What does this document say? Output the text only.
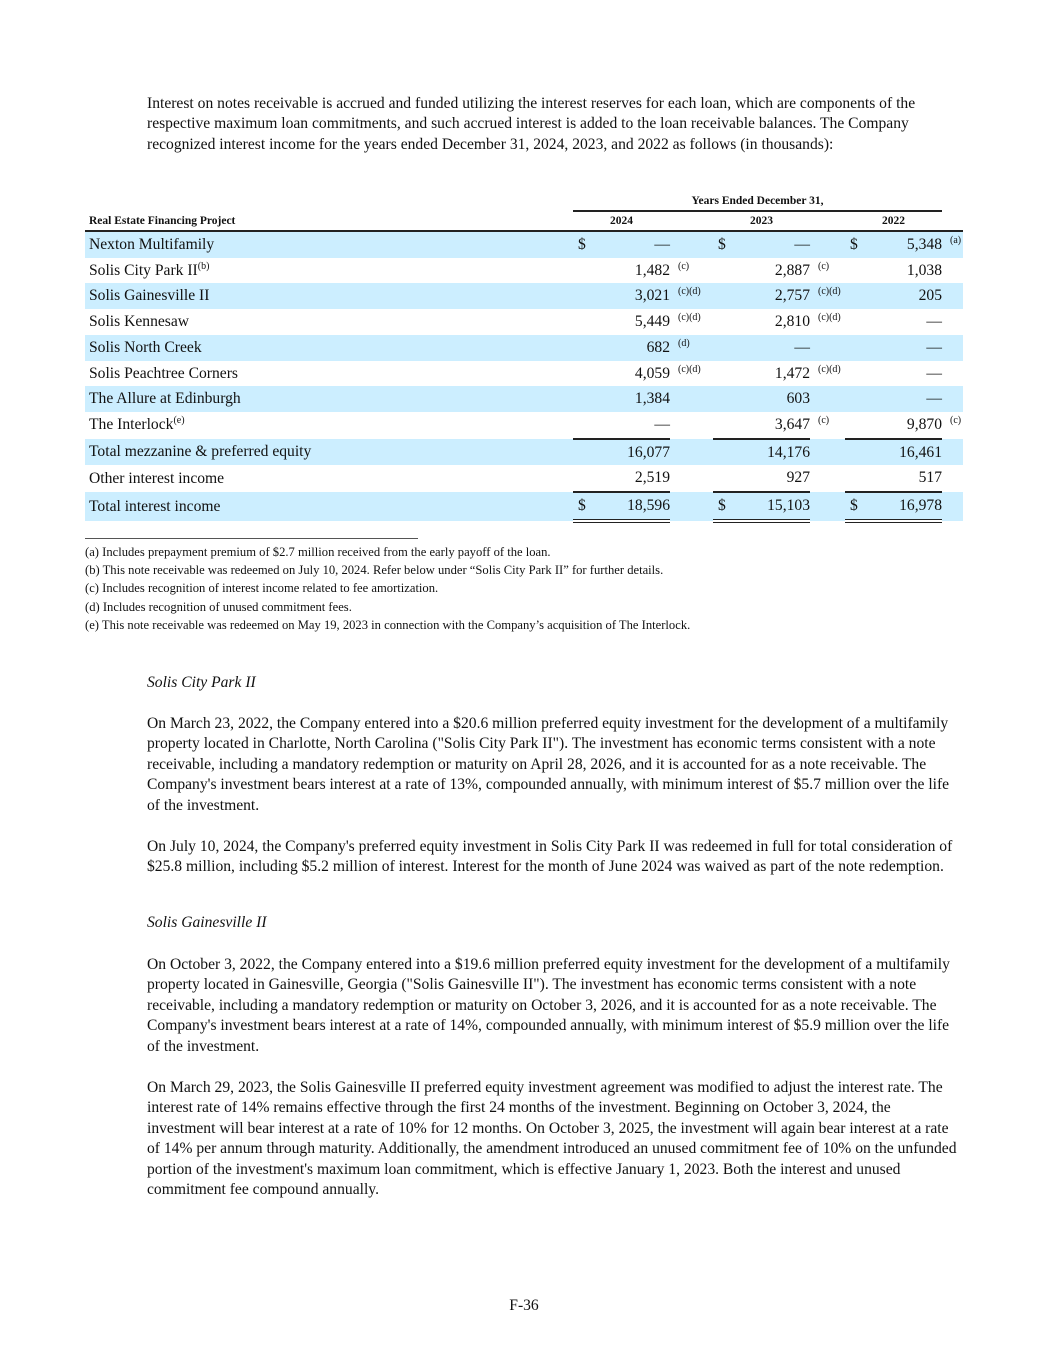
Interest on notes receivable is accrued and funded utilizing the interest reserves for each loan, which are components of the respective maximum loan commitments, and such accrued interest is added to the loan receivable balances. The Company recognized interest income for the years ended December 31, 2024, 2023, and 2022 as follows (in thousands):

	Years Ended December 31,					
Real Estate Financing Project	2024		2023		2022	
Nexton Multifamily	$ —		$ —		$ 5,348	(a)
Solis City Park II$^{(b)}$	1,482	(c)	2,887	(c)	1,038	
Solis Gainesville II	3,021	(c)(d)	2,757	(c)(d)	205	
Solis Kennesaw	5,449	(c)(d)	2,810	(c)(d)	—	
Solis North Creek	682	(d)	—		—	
Solis Peachtree Corners	4,059	(c)(d)	1,472	(c)(d)	—	
The Allure at Edinburgh	1,384		603		—	
The Interlock$^{(e)}$	—		3,647	(c)	9,870	(c)
Total mezzanine & preferred equity	16,077		14,176		16,461	
Other interest income	2,519		927		517	
Total interest income	$ 18,596		$ 15,103		$ 16,978	
(a) Includes prepayment premium of $2.7 million received from the early payoff of the loan.
(b) This note receivable was redeemed on July 10, 2024. Refer below under “Solis City Park II” for further details.
(c) Includes recognition of interest income related to fee amortization.
(d) Includes recognition of unused commitment fees.
(e) This note receivable was redeemed on May 19, 2023 in connection with the Company’s acquisition of The Interlock.

Solis City Park II

On March 23, 2022, the Company entered into a $20.6 million preferred equity investment for the development of a multifamily property located in Charlotte, North Carolina ("Solis City Park II"). The investment has economic terms consistent with a note receivable, including a mandatory redemption or maturity on April 28, 2026, and it is accounted for as a note receivable. The Company's investment bears interest at a rate of 13%, compounded annually, with minimum interest of $5.7 million over the life of the investment.

On July 10, 2024, the Company's preferred equity investment in Solis City Park II was redeemed in full for total consideration of $25.8 million, including $5.2 million of interest. Interest for the month of June 2024 was waived as part of the note redemption.

Solis Gainesville II

On October 3, 2022, the Company entered into a $19.6 million preferred equity investment for the development of a multifamily property located in Gainesville, Georgia ("Solis Gainesville II"). The investment has economic terms consistent with a note receivable, including a mandatory redemption or maturity on October 3, 2026, and it is accounted for as a note receivable. The Company's investment bears interest at a rate of 14%, compounded annually, with minimum interest of $5.9 million over the life of the investment.

On March 29, 2023, the Solis Gainesville II preferred equity investment agreement was modified to adjust the interest rate. The interest rate of 14% remains effective through the first 24 months of the investment. Beginning on October 3, 2024, the investment will bear interest at a rate of 10% for 12 months. On October 3, 2025, the investment will again bear interest at a rate of 14% per annum through maturity. Additionally, the amendment introduced an unused commitment fee of 10% on the unfunded portion of the investment's maximum loan commitment, which is effective January 1, 2023. Both the interest and unused commitment fee compound annually.

F-36
